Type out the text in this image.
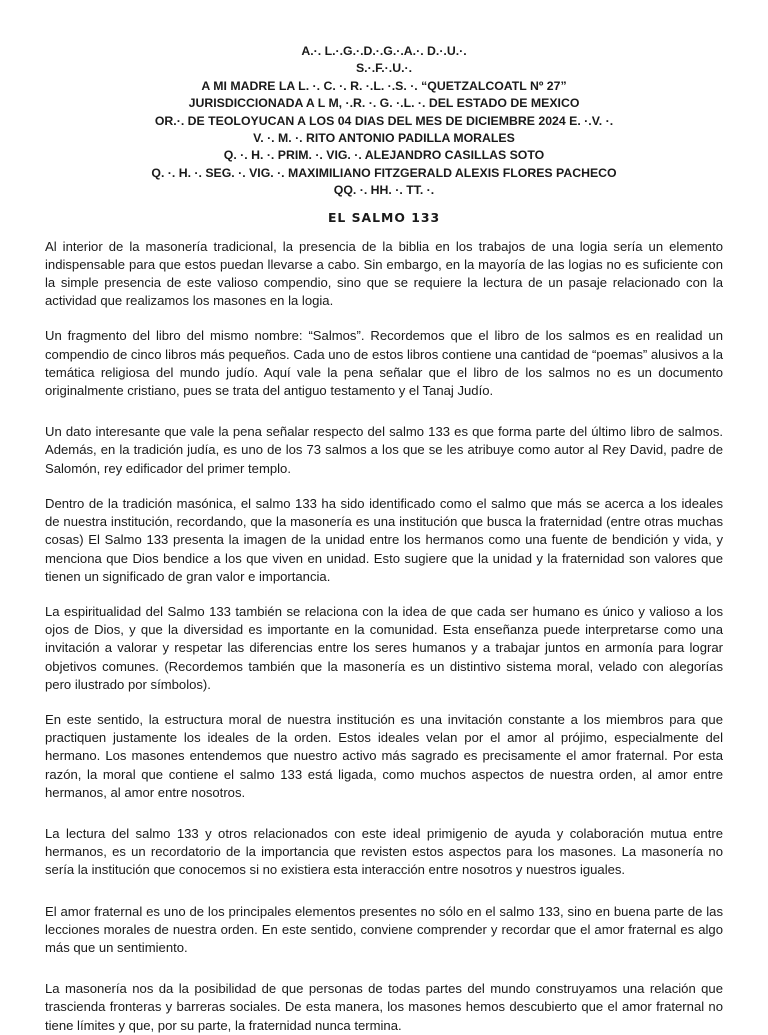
A.·. L.·.G.·.D.·.G.·.A.·. D.·.U.·.
S.·.F.·.U.·.
A MI MADRE LA L. ·. C. ·. R. ·.L. ·.S. ·. “QUETZALCOATL Nº 27”
JURISDICCIONADA A L M, ·.R. ·. G. ·.L. ·. DEL ESTADO DE MEXICO
OR.·. DE TEOLOYUCAN A LOS 04 DIAS DEL MES DE DICIEMBRE 2024 E. ·.V. ·.
V. ·. M. ·. RITO ANTONIO PADILLA MORALES
Q. ·. H. ·. PRIM. ·. VIG. ·. ALEJANDRO CASILLAS SOTO
Q. ·. H. ·. SEG. ·. VIG. ·. MAXIMILIANO FITZGERALD ALEXIS FLORES PACHECO
QQ. ·. HH. ·. TT. ·.
EL SALMO 133

Al interior de la masonería tradicional, la presencia de la biblia en los trabajos de una logia sería un elemento indispensable para que estos puedan llevarse a cabo. Sin embargo, en la mayoría de las logias no es suficiente con la simple presencia de este valioso compendio, sino que se requiere la lectura de un pasaje relacionado con la actividad que realizamos los masones en la logia.

Un fragmento del libro del mismo nombre: “Salmos”. Recordemos que el libro de los salmos es en realidad un compendio de cinco libros más pequeños. Cada uno de estos libros contiene una cantidad de “poemas” alusivos a la temática religiosa del mundo judío. Aquí vale la pena señalar que el libro de los salmos no es un documento originalmente cristiano, pues se trata del antiguo testamento y el Tanaj Judío.

Un dato interesante que vale la pena señalar respecto del salmo 133 es que forma parte del último libro de salmos. Además, en la tradición judía, es uno de los 73 salmos a los que se les atribuye como autor al Rey David, padre de Salomón, rey edificador del primer templo.

Dentro de la tradición masónica, el salmo 133 ha sido identificado como el salmo que más se acerca a los ideales de nuestra institución, recordando, que la masonería es una institución que busca la fraternidad (entre otras muchas cosas) El Salmo 133 presenta la imagen de la unidad entre los hermanos como una fuente de bendición y vida, y menciona que Dios bendice a los que viven en unidad. Esto sugiere que la unidad y la fraternidad son valores que tienen un significado de gran valor e importancia.

La espiritualidad del Salmo 133 también se relaciona con la idea de que cada ser humano es único y valioso a los ojos de Dios, y que la diversidad es importante en la comunidad. Esta enseñanza puede interpretarse como una invitación a valorar y respetar las diferencias entre los seres humanos y a trabajar juntos en armonía para lograr objetivos comunes. (Recordemos también que la masonería es un distintivo sistema moral, velado con alegorías pero ilustrado por símbolos).

En este sentido, la estructura moral de nuestra institución es una invitación constante a los miembros para que practiquen justamente los ideales de la orden. Estos ideales velan por el amor al prójimo, especialmente del hermano. Los masones entendemos que nuestro activo más sagrado es precisamente el amor fraternal. Por esta razón, la moral que contiene el salmo 133 está ligada, como muchos aspectos de nuestra orden, al amor entre hermanos, al amor entre nosotros.

La lectura del salmo 133 y otros relacionados con este ideal primigenio de ayuda y colaboración mutua entre hermanos, es un recordatorio de la importancia que revisten estos aspectos para los masones. La masonería no sería la institución que conocemos si no existiera esta interacción entre nosotros y nuestros iguales.

El amor fraternal es uno de los principales elementos presentes no sólo en el salmo 133, sino en buena parte de las lecciones morales de nuestra orden. En este sentido, conviene comprender y recordar que el amor fraternal es algo más que un sentimiento.

La masonería nos da la posibilidad de que personas de todas partes del mundo construyamos una relación que trascienda fronteras y barreras sociales. De esta manera, los masones hemos descubierto que el amor fraternal no tiene límites y que, por su parte, la fraternidad nunca termina.
